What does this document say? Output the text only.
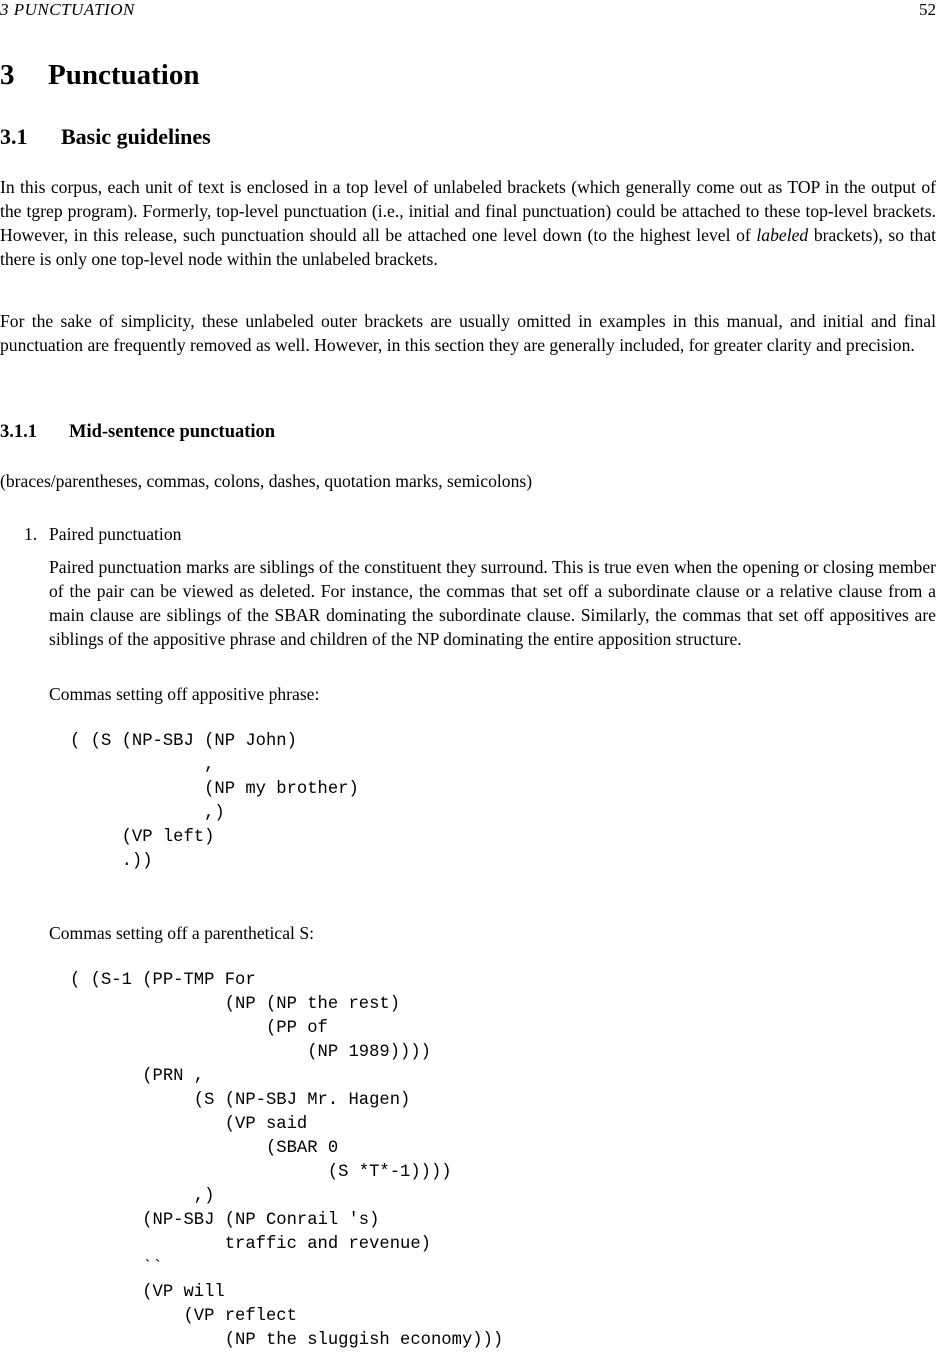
3 PUNCTUATION	52
3 Punctuation
3.1 Basic guidelines

In this corpus, each unit of text is enclosed in a top level of unlabeled brackets (which generally come out as TOP in the output of the tgrep program). Formerly, top-level punctuation (i.e., initial and final punctuation) could be attached to these top-level brackets. However, in this release, such punctuation should all be attached one level down (to the highest level of labeled brackets), so that there is only one top-level node within the unlabeled brackets.

For the sake of simplicity, these unlabeled outer brackets are usually omitted in examples in this manual, and initial and final punctuation are frequently removed as well. However, in this section they are generally included, for greater clarity and precision.

3.1.1 Mid-sentence punctuation
(braces/parentheses, commas, colons, dashes, quotation marks, semicolons)
1. Paired punctuation

Paired punctuation marks are siblings of the constituent they surround. This is true even when the opening or closing member of the pair can be viewed as deleted. For instance, the commas that set off a subordinate clause or a relative clause from a main clause are siblings of the SBAR dominating the subordinate clause. Similarly, the commas that set off appositives are siblings of the appositive phrase and children of the NP dominating the entire apposition structure.

Commas setting off appositive phrase:
( (S (NP-SBJ (NP John)
,
(NP my brother)
,)
(VP left)
.))
Commas setting off a parenthetical S:
( (S-1 (PP-TMP For
(NP (NP the rest)
(PP of
(NP 1989))))
(PRN ,
(S (NP-SBJ Mr. Hagen)
(VP said
(SBAR 0
(S *T*-1))))
,)
(NP-SBJ (NP Conrail 's)
traffic and revenue)
``
(VP will
(VP reflect
(NP the sluggish economy)))
